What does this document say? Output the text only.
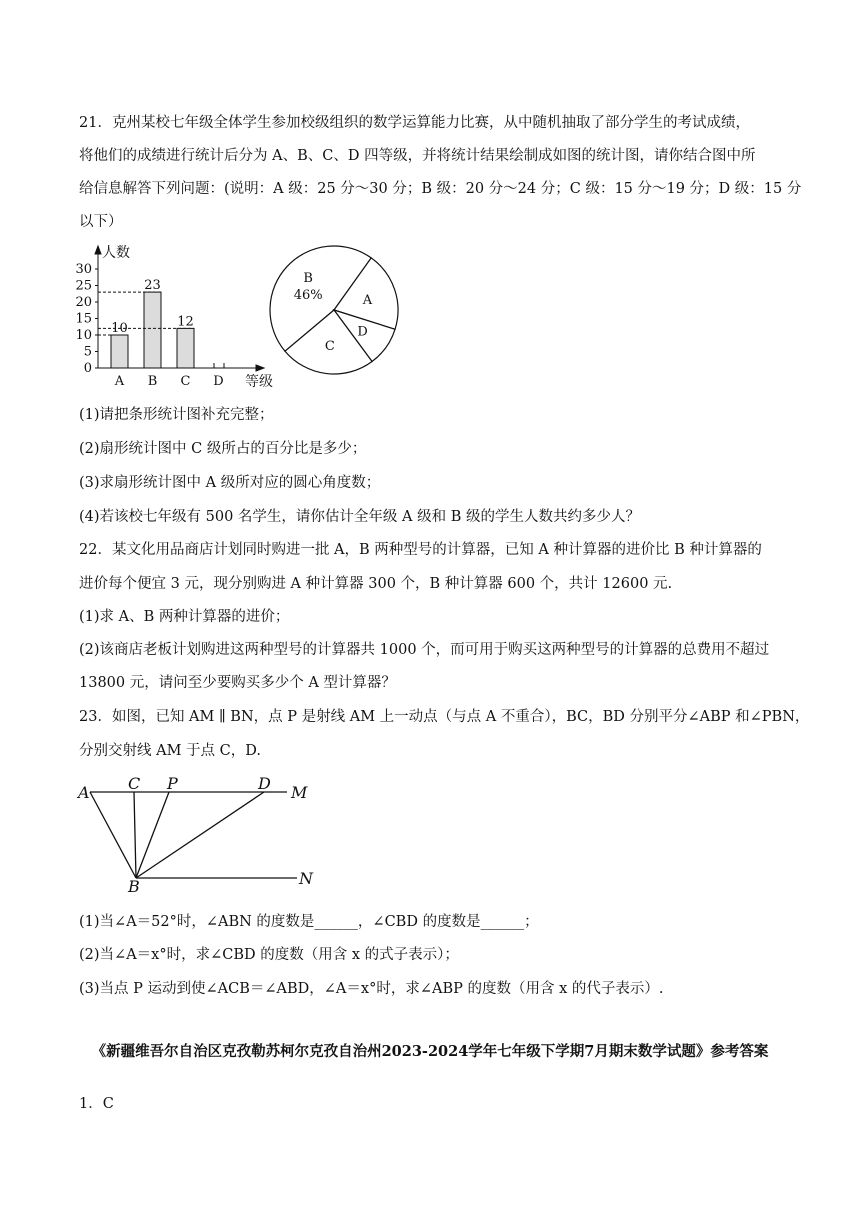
21．克州某校七年级全体学生参加校级组织的数学运算能力比赛，从中随机抽取了部分学生的考试成绩，
将他们的成绩进行统计后分为 A、B、C、D 四等级，并将统计结果绘制成如图的统计图，请你结合图中所
给信息解答下列问题：(说明：A 级：25 分～30 分；B 级：20 分～24 分；C 级：15 分～19 分；D 级：15 分
以下）
0
5
10
15
20
25
30
10
A
23
B
12
C D
人数
等级
B
46%	A
D
C
(1)请把条形统计图补充完整；
(2)扇形统计图中 C 级所占的百分比是多少；
(3)求扇形统计图中 A 级所对应的圆心角度数；
(4)若该校七年级有 500 名学生，请你估计全年级 A 级和 B 级的学生人数共约多少人？
22．某文化用品商店计划同时购进一批 A，B 两种型号的计算器，已知 A 种计算器的进价比 B 种计算器的
进价每个便宜 3 元，现分别购进 A 种计算器 300 个，B 种计算器 600 个，共计 12600 元.
(1)求 A、B 两种计算器的进价；
(2)该商店老板计划购进这两种型号的计算器共 1000 个，而可用于购买这两种型号的计算器的总费用不超过
13800 元，请问至少要购买多少个 A 型计算器？
23．如图，已知 AM ∥ BN，点 P 是射线 AM 上一动点（与点 A 不重合），BC，BD 分别平分∠ABP 和∠PBN，
分别交射线 AM 于点 C，D.
A C P	D M
B	N
(1)当∠A＝52°时，∠ABN 的度数是______，∠CBD 的度数是______；
(2)当∠A＝x°时，求∠CBD 的度数（用含 x 的式子表示）；
(3)当点 P 运动到使∠ACB＝∠ABD，∠A＝x°时，求∠ABP 的度数（用含 x 的代子表示）.
《新疆维吾尔自治区克孜勒苏柯尔克孜自治州2023-2024学年七年级下学期7月期末数学试题》参考答案
1．C
